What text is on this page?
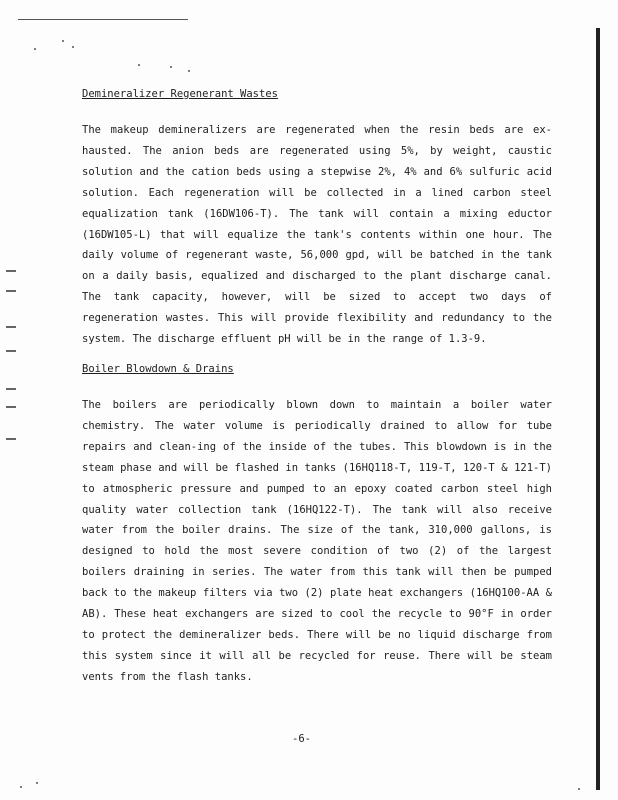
Demineralizer Regenerant Wastes

The makeup demineralizers are regenerated when the resin beds are ex-hausted. The anion beds are regenerated using 5%, by weight, caustic solution and the cation beds using a stepwise 2%, 4% and 6% sulfuric acid solution. Each regeneration will be collected in a lined carbon steel equalization tank (16DW106-T). The tank will contain a mixing eductor (16DW105-L) that will equalize the tank's contents within one hour. The daily volume of regenerant waste, 56,000 gpd, will be batched in the tank on a daily basis, equalized and discharged to the plant discharge canal. The tank capacity, however, will be sized to accept two days of regeneration wastes. This will provide flexibility and redundancy to the system. The discharge effluent pH will be in the range of 1.3-9.

Boiler Blowdown & Drains

The boilers are periodically blown down to maintain a boiler water chemistry. The water volume is periodically drained to allow for tube repairs and clean-ing of the inside of the tubes. This blowdown is in the steam phase and will be flashed in tanks (16HQ118-T, 119-T, 120-T & 121-T) to atmospheric pressure and pumped to an epoxy coated carbon steel high quality water collection tank (16HQ122-T). The tank will also receive water from the boiler drains. The size of the tank, 310,000 gallons, is designed to hold the most severe condition of two (2) of the largest boilers draining in series. The water from this tank will then be pumped back to the makeup filters via two (2) plate heat exchangers (16HQ100-AA & AB). These heat exchangers are sized to cool the recycle to 90°F in order to protect the demineralizer beds. There will be no liquid discharge from this system since it will all be recycled for reuse. There will be steam vents from the flash tanks.

-6-
